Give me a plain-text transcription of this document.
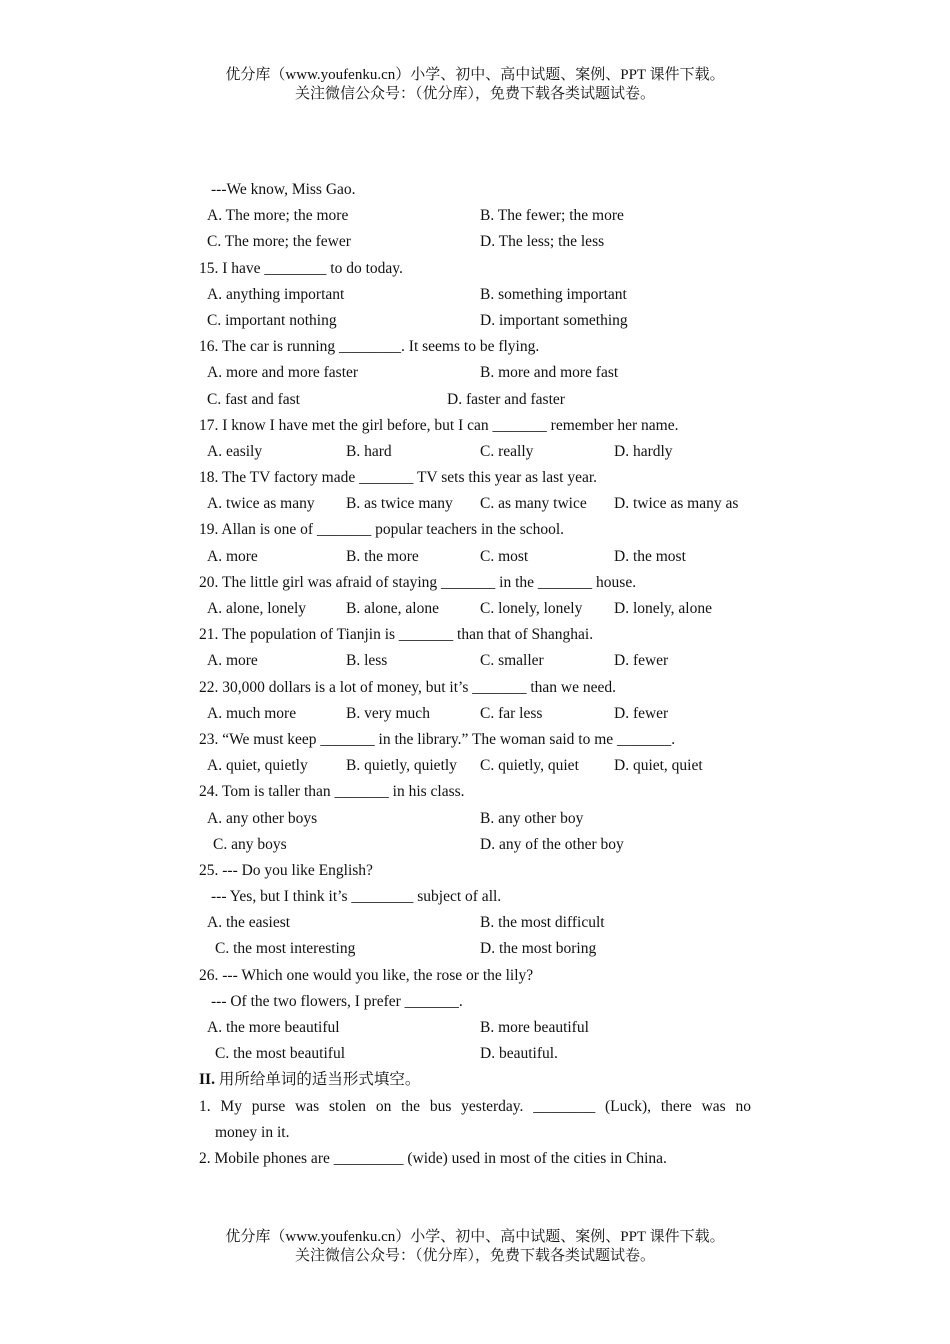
优分库（www.youfenku.cn）小学、初中、高中试题、案例、PPT 课件下载。
关注微信公众号：（优分库），免费下载各类试题试卷。
---We know, Miss Gao.
A. The more; the more	B. The fewer; the more
C. The more; the fewer	D. The less; the less
15. I have ________ to do today.
A. anything important	B. something important
C. important nothing	D. important something
16. The car is running ________. It seems to be flying.
A. more and more faster	B. more and more fast
C. fast and fast	D. faster and faster
17. I know I have met the girl before, but I can _______ remember her name.
A. easily	B. hard	C. really	D. hardly
18. The TV factory made _______ TV sets this year as last year.
A. twice as many B. as twice many C. as many twice D. twice as many as
19. Allan is one of _______ popular teachers in the school.
A. more	B. the more	C. most	D. the most
20. The little girl was afraid of staying _______ in the _______ house.
A. alone, lonely	B. alone, alone	C. lonely, lonely D. lonely, alone
21. The population of Tianjin is _______ than that of Shanghai.
A. more	B. less	C. smaller	D. fewer
22. 30,000 dollars is a lot of money, but it’s _______ than we need.
A. much more	B. very much	C. far less	D. fewer
23. “We must keep _______ in the library.” The woman said to me _______.
A. quiet, quietly B. quietly, quietly C. quietly, quiet D. quiet, quiet
24. Tom is taller than _______ in his class.
A. any other boys	B. any other boy
C. any boys	D. any of the other boy
25. --- Do you like English?
--- Yes, but I think it’s ________ subject of all.
A. the easiest	B. the most difficult
C. the most interesting	D. the most boring
26. --- Which one would you like, the rose or the lily?
--- Of the two flowers, I prefer _______.
A. the more beautiful	B. more beautiful
C. the most beautiful	D. beautiful.
II. 用所给单词的适当形式填空。
1. My purse was stolen on the bus yesterday. ________ (Luck), there was no
money in it.
2. Mobile phones are _________ (wide) used in most of the cities in China.
优分库（www.youfenku.cn）小学、初中、高中试题、案例、PPT 课件下载。
关注微信公众号：（优分库），免费下载各类试题试卷。
